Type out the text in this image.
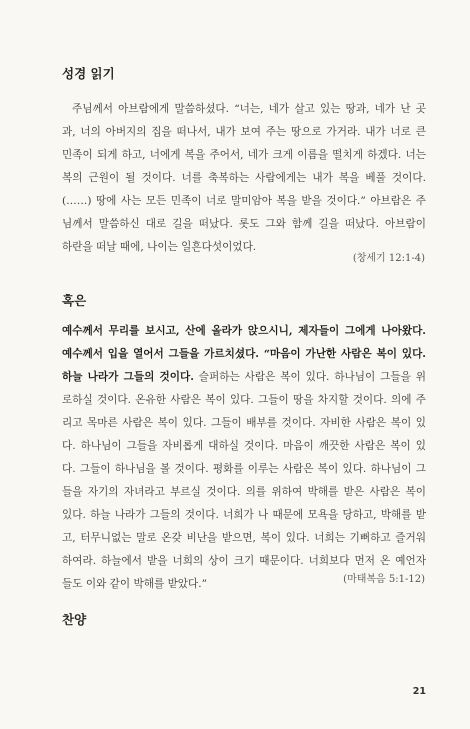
성경 읽기

주님께서 아브람에게 말씀하셨다. “너는, 네가 살고 있는 땅과, 네가 난 곳
과, 너의 아버지의 집을 떠나서, 내가 보여 주는 땅으로 가거라. 내가 너로 큰
민족이 되게 하고, 너에게 복을 주어서, 네가 크게 이름을 떨치게 하겠다. 너는
복의 근원이 될 것이다. 너를 축복하는 사람에게는 내가 복을 베풀 것이다.
(……) 땅에 사는 모든 민족이 너로 말미암아 복을 받을 것이다.” 아브람은 주
님께서 말씀하신 대로 길을 떠났다. 롯도 그와 함께 길을 떠났다. 아브람이
하란을 떠날 때에, 나이는 일흔다섯이었다.

(창세기 12:1-4)

혹은

예수께서 무리를 보시고, 산에 올라가 앉으시니, 제자들이 그에게 나아왔다.
예수께서 입을 열어서 그들을 가르치셨다. “마음이 가난한 사람은 복이 있다.
하늘 나라가 그들의 것이다. 슬퍼하는 사람은 복이 있다. 하나님이 그들을 위
로하실 것이다. 온유한 사람은 복이 있다. 그들이 땅을 차지할 것이다. 의에 주
리고 목마른 사람은 복이 있다. 그들이 배부를 것이다. 자비한 사람은 복이 있
다. 하나님이 그들을 자비롭게 대하실 것이다. 마음이 깨끗한 사람은 복이 있
다. 그들이 하나님을 볼 것이다. 평화를 이루는 사람은 복이 있다. 하나님이 그
들을 자기의 자녀라고 부르실 것이다. 의를 위하여 박해를 받은 사람은 복이
있다. 하늘 나라가 그들의 것이다. 너희가 나 때문에 모욕을 당하고, 박해를 받
고, 터무니없는 말로 온갖 비난을 받으면, 복이 있다. 너희는 기뻐하고 즐거워
하여라. 하늘에서 받을 너희의 상이 크기 때문이다. 너희보다 먼저 온 예언자
들도 이와 같이 박해를 받았다.”	(마태복음 5:1-12)

찬양
21
